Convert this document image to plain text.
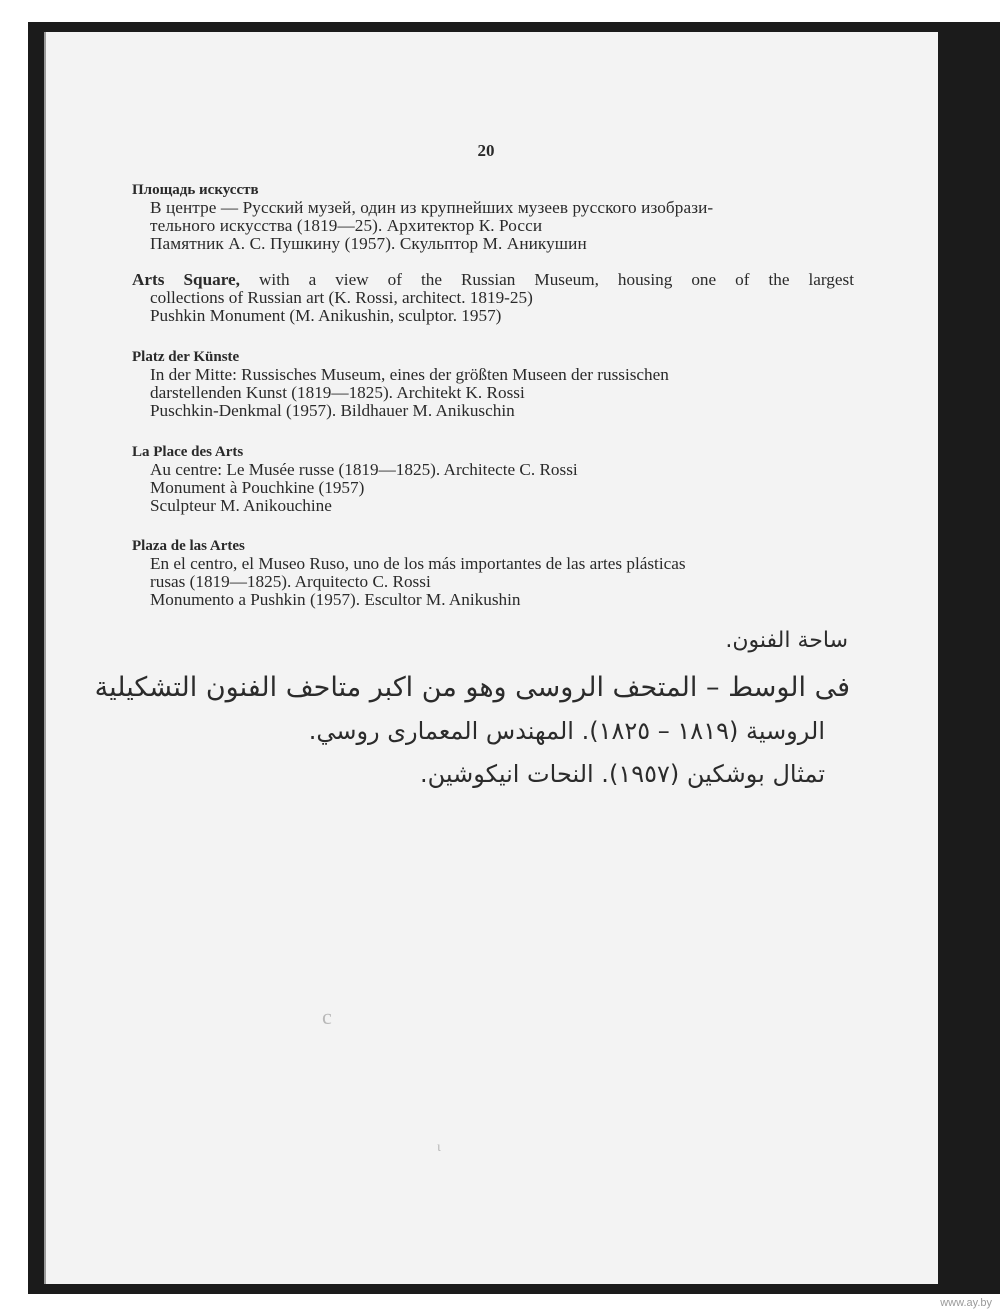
20
Площадь искусств
В центре — Русский музей, один из крупнейших музеев русского изобрази-
тельного искусства (1819—25). Архитектор К. Росси
Памятник А. С. Пушкину (1957). Скульптор М. Аникушин
Arts Square, with a view of the Russian Museum, housing one of the largest
collections of Russian art (K. Rossi, architect. 1819-25)
Pushkin Monument (M. Anikushin, sculptor. 1957)
Platz der Künste
In der Mitte: Russisches Museum, eines der größten Museen der russischen
darstellenden Kunst (1819—1825). Architekt K. Rossi
Puschkin-Denkmal (1957). Bildhauer M. Anikuschin
La Place des Arts
Au centre: Le Musée russe (1819—1825). Architecte C. Rossi
Monument à Pouchkine (1957)
Sculpteur M. Anikouchine
Plaza de las Artes
En el centro, el Museo Ruso, uno de los más importantes de las artes plásticas
rusas (1819—1825). Arquitecto C. Rossi
Monumento a Pushkin (1957). Escultor M. Anikushin
ساحة الفنون.
فى الوسط – المتحف الروسى وهو من اكبر متاحف الفنون التشكيلية
الروسية (١٨١٩ – ١٨٢٥). المهندس المعمارى روسي.
تمثال بوشكين (١٩٥٧). النحات انيكوشين.
c
ɩ
www.ay.by
